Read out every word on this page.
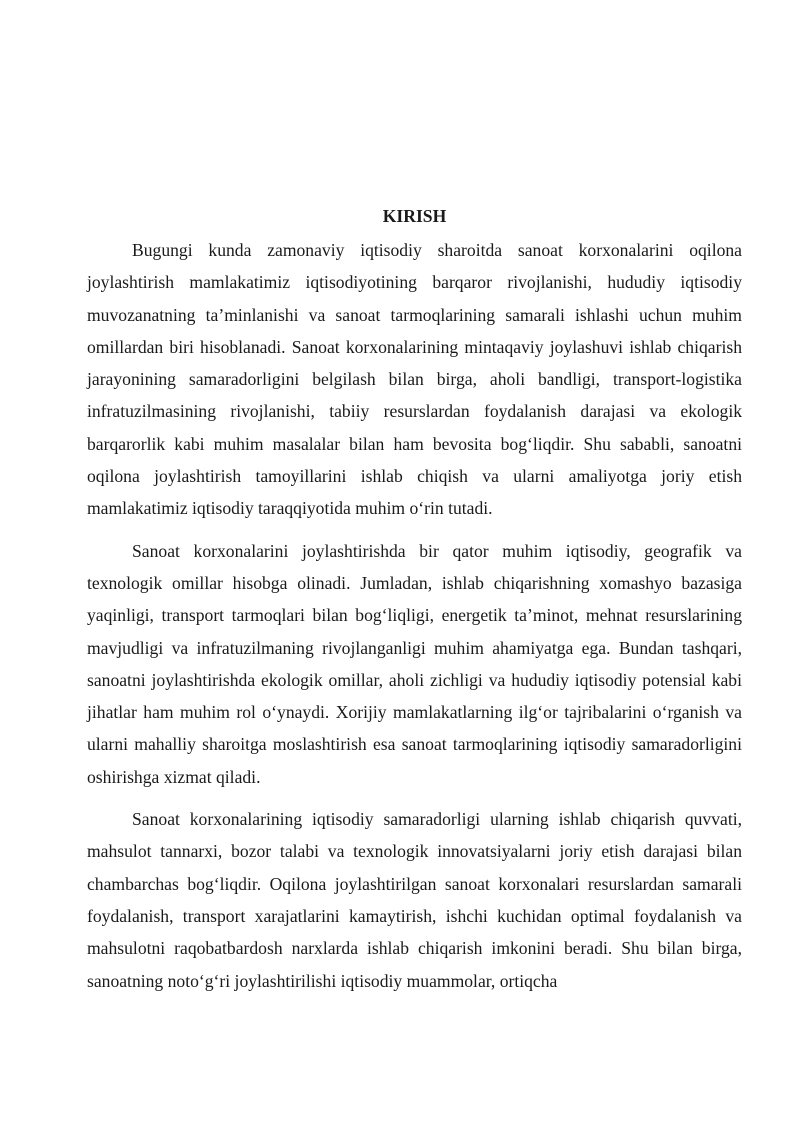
KIRISH

Bugungi kunda zamonaviy iqtisodiy sharoitda sanoat korxonalarini oqilona joylashtirish mamlakatimiz iqtisodiyotining barqaror rivojlanishi, hududiy iqtisodiy muvozanatning ta’minlanishi va sanoat tarmoqlarining samarali ishlashi uchun muhim omillardan biri hisoblanadi. Sanoat korxonalarining mintaqaviy joylashuvi ishlab chiqarish jarayonining samaradorligini belgilash bilan birga, aholi bandligi, transport-logistika infratuzilmasining rivojlanishi, tabiiy resurslardan foydalanish darajasi va ekologik barqarorlik kabi muhim masalalar bilan ham bevosita bog‘liqdir. Shu sababli, sanoatni oqilona joylashtirish tamoyillarini ishlab chiqish va ularni amaliyotga joriy etish mamlakatimiz iqtisodiy taraqqiyotida muhim o‘rin tutadi.

Sanoat korxonalarini joylashtirishda bir qator muhim iqtisodiy, geografik va texnologik omillar hisobga olinadi. Jumladan, ishlab chiqarishning xomashyo bazasiga yaqinligi, transport tarmoqlari bilan bog‘liqligi, energetik ta’minot, mehnat resurslarining mavjudligi va infratuzilmaning rivojlanganligi muhim ahamiyatga ega. Bundan tashqari, sanoatni joylashtirishda ekologik omillar, aholi zichligi va hududiy iqtisodiy potensial kabi jihatlar ham muhim rol o‘ynaydi. Xorijiy mamlakatlarning ilg‘or tajribalarini o‘rganish va ularni mahalliy sharoitga moslashtirish esa sanoat tarmoqlarining iqtisodiy samaradorligini oshirishga xizmat qiladi.

Sanoat korxonalarining iqtisodiy samaradorligi ularning ishlab chiqarish quvvati, mahsulot tannarxi, bozor talabi va texnologik innovatsiyalarni joriy etish darajasi bilan chambarchas bog‘liqdir. Oqilona joylashtirilgan sanoat korxonalari resurslardan samarali foydalanish, transport xarajatlarini kamaytirish, ishchi kuchidan optimal foydalanish va mahsulotni raqobatbardosh narxlarda ishlab chiqarish imkonini beradi. Shu bilan birga, sanoatning noto‘g‘ri joylashtirilishi iqtisodiy muammolar, ortiqcha
